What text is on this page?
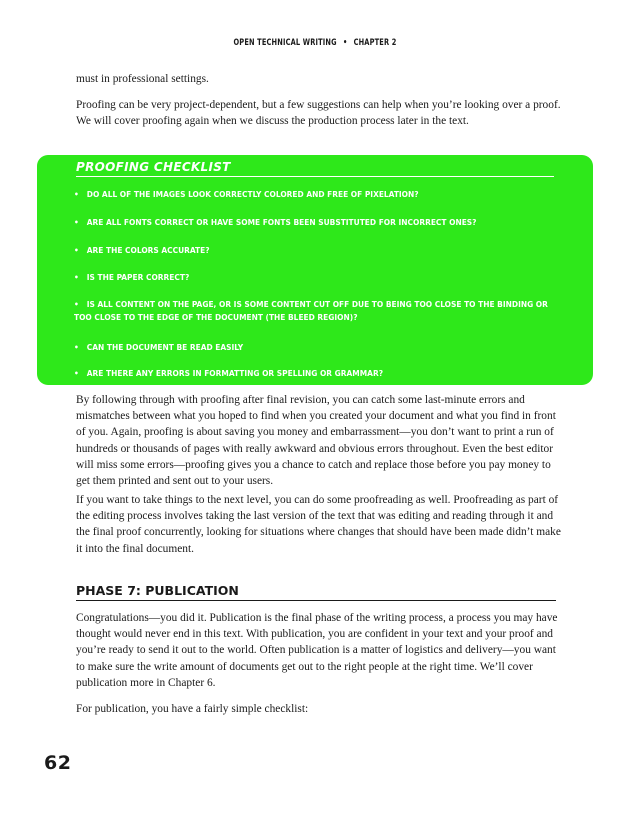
OPEN TECHNICAL WRITING • CHAPTER 2

must in professional settings.

Proofing can be very project-dependent, but a few suggestions can help when you’re looking over a proof. We will cover proofing again when we discuss the production process later in the text.

PROOFING CHECKLIST
• DO ALL OF THE IMAGES LOOK CORRECTLY COLORED AND FREE OF PIXELATION?
• ARE ALL FONTS CORRECT OR HAVE SOME FONTS BEEN SUBSTITUTED FOR INCORRECT ONES?
• ARE THE COLORS ACCURATE?
• IS THE PAPER CORRECT?
• IS ALL CONTENT ON THE PAGE, OR IS SOME CONTENT CUT OFF DUE TO BEING TOO CLOSE TO THE BINDING OR TOO CLOSE TO THE EDGE OF THE DOCUMENT (THE BLEED REGION)?
• CAN THE DOCUMENT BE READ EASILY
• ARE THERE ANY ERRORS IN FORMATTING OR SPELLING OR GRAMMAR?

By following through with proofing after final revision, you can catch some last-minute errors and mismatches between what you hoped to find when you created your document and what you find in front of you. Again, proofing is about saving you money and embarrassment—you don’t want to print a run of hundreds or thousands of pages with really awkward and obvious errors throughout. Even the best editor will miss some errors—proofing gives you a chance to catch and replace those before you pay money to get them printed and sent out to your users.

If you want to take things to the next level, you can do some proofreading as well. Proofreading as part of the editing process involves taking the last version of the text that was editing and reading through it and the final proof concurrently, looking for situations where changes that should have been made didn’t make it into the final document.

PHASE 7: PUBLICATION

Congratulations—you did it. Publication is the final phase of the writing process, a process you may have thought would never end in this text. With publication, you are confident in your text and your proof and you’re ready to send it out to the world. Often publication is a matter of logistics and delivery—you want to make sure the write amount of documents get out to the right people at the right time. We’ll cover publication more in Chapter 6.

For publication, you have a fairly simple checklist:

62
